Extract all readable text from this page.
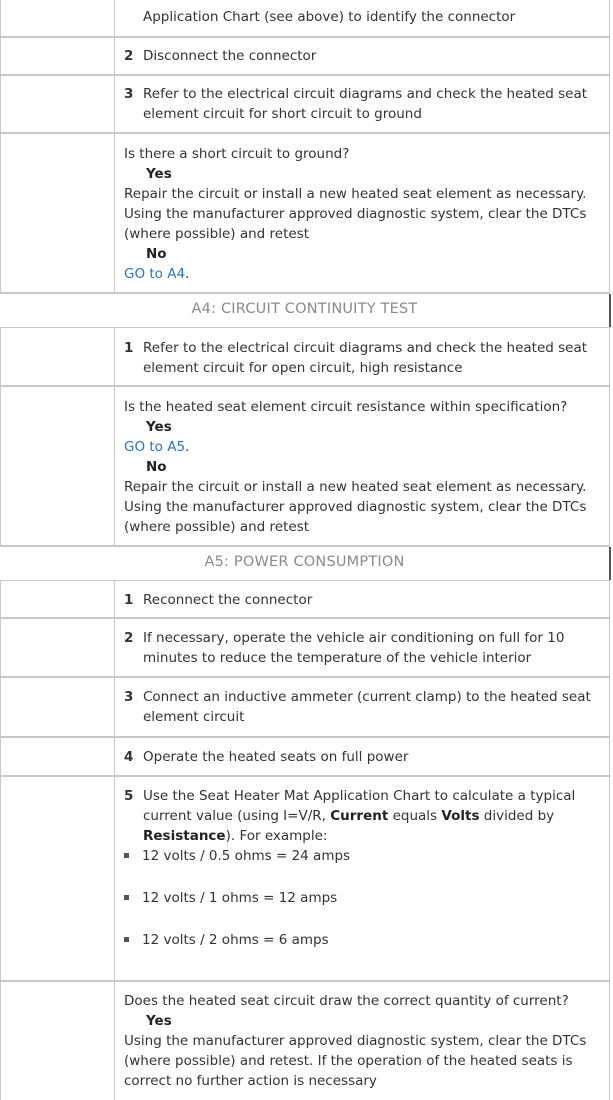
Application Chart (see above) to identify the connector
2 Disconnect the connector
3 Refer to the electrical circuit diagrams and check the heated seat element circuit for short circuit to ground
Is there a short circuit to ground?
Yes
Repair the circuit or install a new heated seat element as necessary.
Using the manufacturer approved diagnostic system, clear the DTCs (where possible) and retest
No
GO to A4.
A4: CIRCUIT CONTINUITY TEST
1 Refer to the electrical circuit diagrams and check the heated seat element circuit for open circuit, high resistance
Is the heated seat element circuit resistance within specification?
Yes
GO to A5.
No
Repair the circuit or install a new heated seat element as necessary.
Using the manufacturer approved diagnostic system, clear the DTCs (where possible) and retest
A5: POWER CONSUMPTION
1 Reconnect the connector
2 If necessary, operate the vehicle air conditioning on full for 10 minutes to reduce the temperature of the vehicle interior
3 Connect an inductive ammeter (current clamp) to the heated seat element circuit
4 Operate the heated seats on full power
5 Use the Seat Heater Mat Application Chart to calculate a typical current value (using I=V/R, Current equals Volts divided by Resistance). For example:
12 volts / 0.5 ohms = 24 amps
12 volts / 1 ohms = 12 amps
12 volts / 2 ohms = 6 amps
Does the heated seat circuit draw the correct quantity of current?
Yes
Using the manufacturer approved diagnostic system, clear the DTCs (where possible) and retest. If the operation of the heated seats is correct no further action is necessary
